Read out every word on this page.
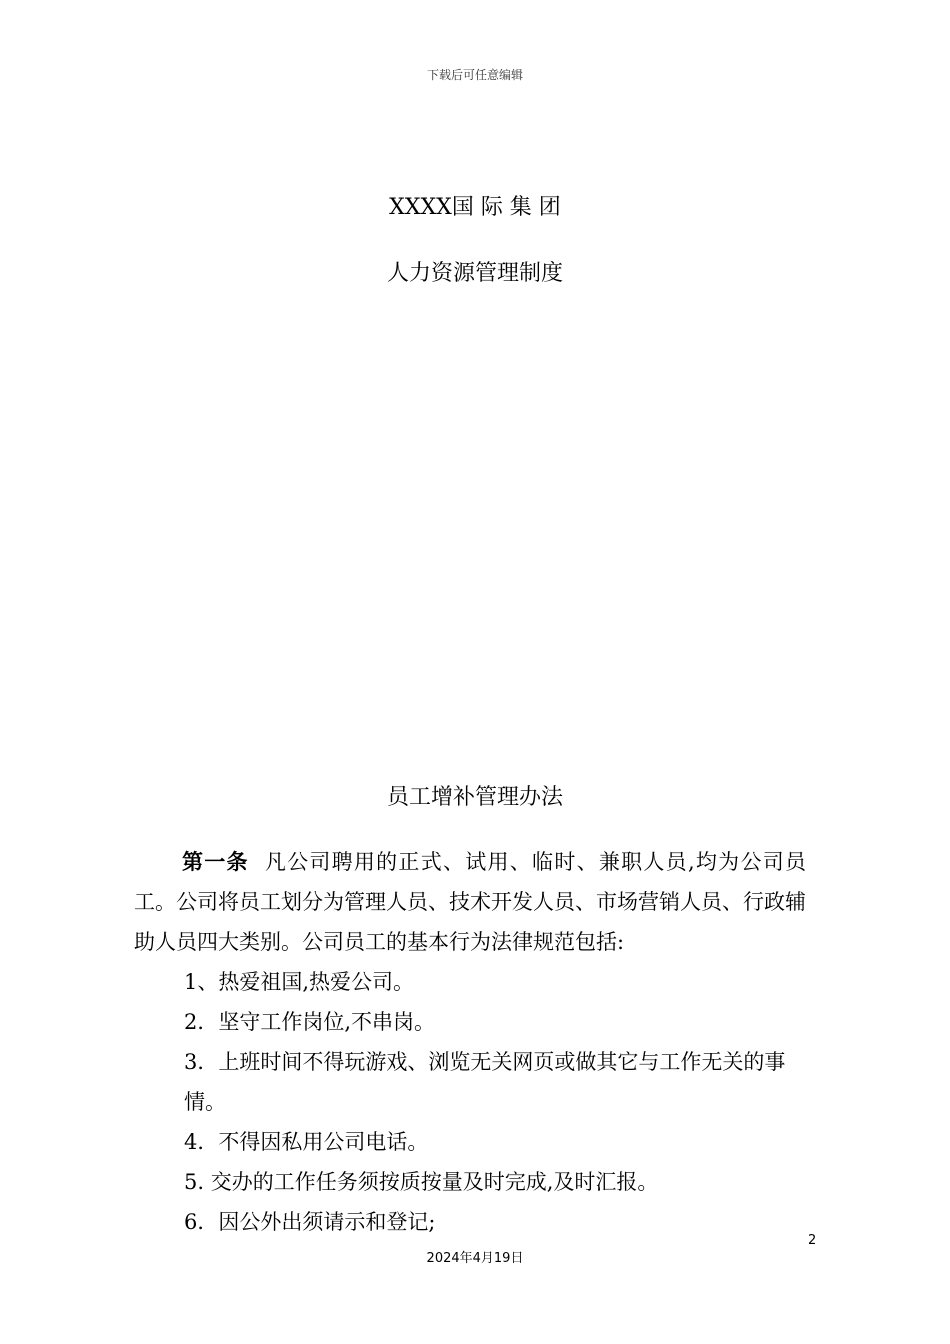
下载后可任意编辑
XXXX国 际 集 团
人力资源管理制度
员工增补管理办法

第一条 凡公司聘用的正式、试用、临时、兼职人员,均为公司员工。公司将员工划分为管理人员、技术开发人员、市场营销人员、行政辅助人员四大类别。公司员工的基本行为法律规范包括:

1、热爱祖国,热爱公司。
2．坚守工作岗位,不串岗。
3．上班时间不得玩游戏、浏览无关网页或做其它与工作无关的事情。
4．不得因私用公司电话。
5. 交办的工作任务须按质按量及时完成,及时汇报。
6．因公外出须请示和登记;
2
2024年4月19日
